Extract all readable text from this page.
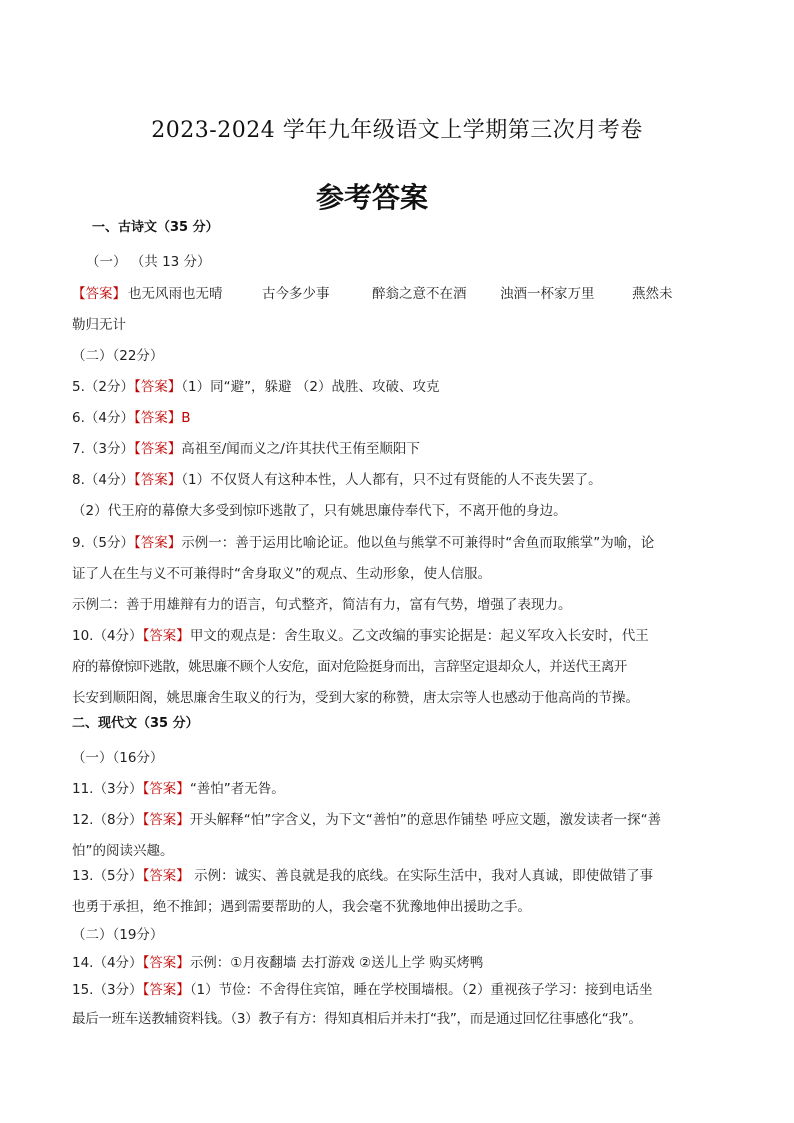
2023-2024 学年九年级语文上学期第三次月考卷
参考答案
一、古诗文（35 分）
（一） （共 13 分）
【答案】 也无风雨也无晴	古今多少事	醉翁之意不在酒 浊酒一杯家万里	燕然未
勒归无计
（二）（22分）
5.（2分）【答案】（1）同“避”，躲避 （2）战胜、攻破、攻克
6.（4分）【答案】B
7.（3分）【答案】高祖至/闻而义之/许其扶代王侑至顺阳下
8.（4分）【答案】（1）不仅贤人有这种本性，人人都有，只不过有贤能的人不丧失罢了。
（2）代王府的幕僚大多受到惊吓逃散了，只有姚思廉侍奉代下，不离开他的身边。
9.（5分）【答案】示例一：善于运用比喻论证。他以鱼与熊掌不可兼得时“舍鱼而取熊掌”为喻，论
证了人在生与义不可兼得时“舍身取义”的观点、生动形象，使人信服。
示例二：善于用雄辩有力的语言，句式整齐，简洁有力，富有气势，增强了表现力。
10.（4分）【答案】甲文的观点是：舍生取义。乙文改编的事实论据是：起义军攻入长安时，代王
府的幕僚惊吓逃散，姚思廉不顾个人安危，面对危险挺身而出，言辞坚定退却众人，并送代王离开
长安到顺阳阁，姚思廉舍生取义的行为，受到大家的称赞，唐太宗等人也感动于他高尚的节操。
二、现代文（35 分）
（一）（16分）
11.（3分）【答案】“善怕”者无咎。
12.（8分）【答案】开头解释“怕”字含义，为下文“善怕”的意思作铺垫 呼应文题，激发读者一探“善
怕”的阅读兴趣。
13.（5分）【答案】 示例：诚实、善良就是我的底线。在实际生活中，我对人真诚，即使做错了事
也勇于承担，绝不推卸；遇到需要帮助的人，我会毫不犹豫地伸出援助之手。
（二）（19分）
14.（4分）【答案】示例：①月夜翻墙 去打游戏 ②送儿上学 购买烤鸭
15.（3分）【答案】（1）节俭：不舍得住宾馆，睡在学校围墙根。（2）重视孩子学习：接到电话坐
最后一班车送教辅资料钱。（3）教子有方：得知真相后并未打“我”，而是通过回忆往事感化“我”。
